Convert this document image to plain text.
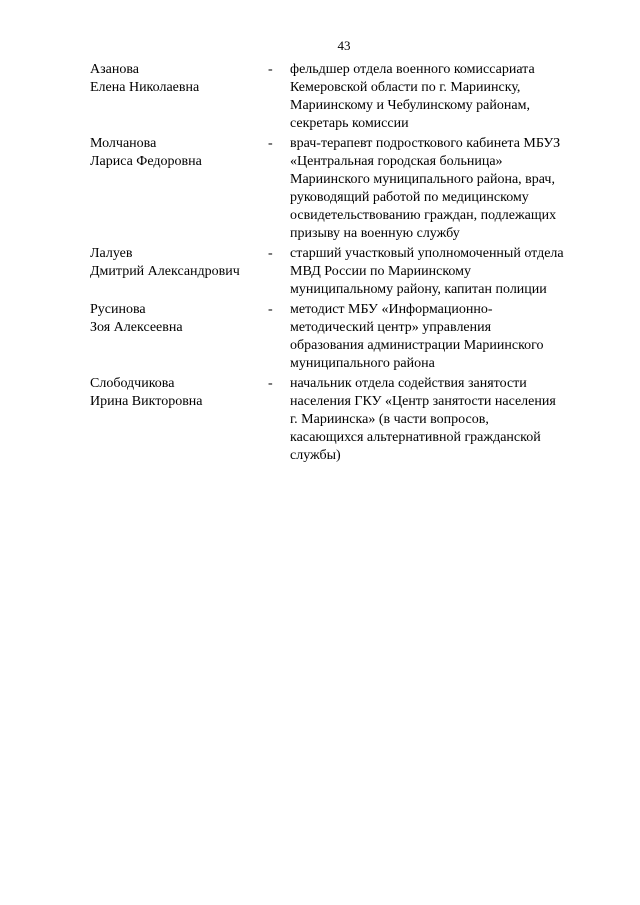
43
Азанова
Елена Николаевна
-	фельдшер отдела военного комиссариата
Кемеровской области по г. Мариинску,
Мариинскому и Чебулинскому районам,
секретарь комиссии
Молчанова
Лариса Федоровна
-	врач-терапевт подросткового кабинета МБУЗ
«Центральная городская больница»
Мариинского муниципального района, врач,
руководящий работой по медицинскому
освидетельствованию граждан, подлежащих
призыву на военную службу
Лалуев
Дмитрий Александрович
-	старший участковый уполномоченный отдела
МВД России по Мариинскому
муниципальному району, капитан полиции
Русинова
Зоя Алексеевна
-	методист МБУ «Информационно-
методический центр» управления
образования администрации Мариинского
муниципального района
Слободчикова
Ирина Викторовна
-	начальник отдела содействия занятости
населения ГКУ «Центр занятости населения
г. Мариинска» (в части вопросов,
касающихся альтернативной гражданской
службы)
